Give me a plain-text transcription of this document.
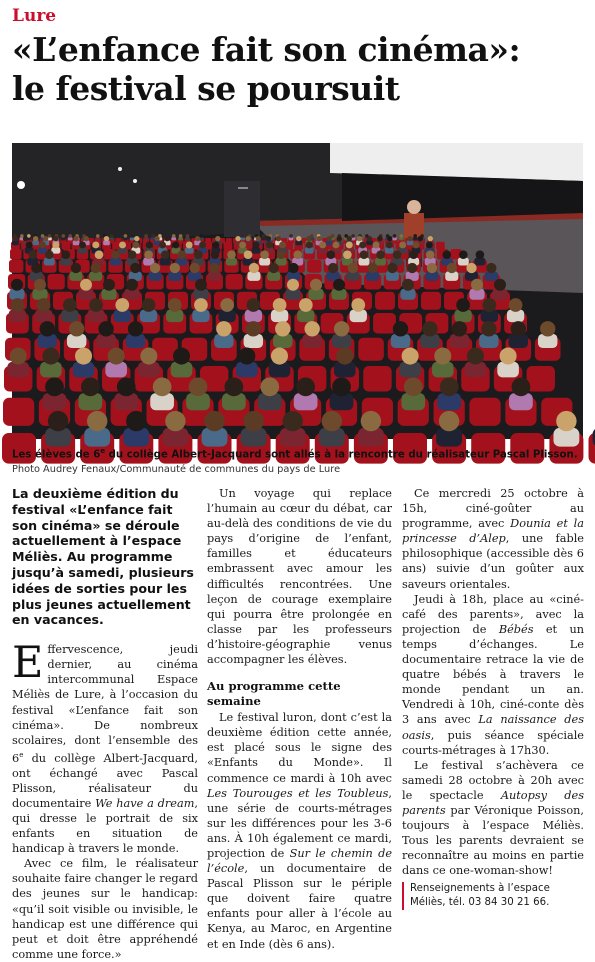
Lure
«L’enfance fait son cinéma»:
le festival se poursuit
Les élèves de 6e du collège Albert-Jacquard sont allés à la rencontre du réalisateur Pascal Plisson. Photo Audrey Fenaux/Communauté de communes du pays de Lure

La deuxième édition du festival «L’enfance fait son cinéma» se déroule actuellement à l’espace Méliès. Au programme jusqu’à samedi, plusieurs idées de sorties pour les plus jeunes actuellement en vacances.

Effervescence, jeudi dernier, au cinéma intercommunal Espace Méliès de Lure, à l’occasion du festival «L’enfance fait son cinéma». De nombreux scolaires, dont l’ensemble des 6e du collège Albert-Jacquard, ont échangé avec Pascal Plisson, réalisateur du documentaire We have a dream, qui dresse le portrait de six enfants en situation de handicap à travers le monde.

Avec ce film, le réalisateur souhaite faire changer le regard des jeunes sur le handicap: «qu’il soit visible ou invisible, le handicap est une différence qui peut et doit être appréhendé comme une force.»

Un voyage qui replace l’humain au cœur du débat, car au-delà des conditions de vie du pays d’origine de l’enfant, familles et éducateurs embrassent avec amour les difficultés rencontrées. Une leçon de courage exemplaire qui pourra être prolongée en classe par les professeurs d’histoire-géographie venus accompagner les élèves.

Au programme cette semaine

Le festival luron, dont c’est la deuxième édition cette année, est placé sous le signe des «Enfants du Monde». Il commence ce mardi à 10h avec Les Tourouges et les Toubleus, une série de courts-métrages sur les différences pour les 3-6 ans. À 10h également ce mardi, projection de Sur le chemin de l’école, un documentaire de Pascal Plisson sur le périple que doivent faire quatre enfants pour aller à l’école au Kenya, au Maroc, en Argentine et en Inde (dès 6 ans).

Ce mercredi 25 octobre à 15h, ciné-goûter au programme, avec Dounia et la princesse d’Alep, une fable philosophique (accessible dès 6 ans) suivie d’un goûter aux saveurs orientales.

Jeudi à 18h, place au «ciné-café des parents», avec la projection de Bébés et un temps d’échanges. Le documentaire retrace la vie de quatre bébés à travers le monde pendant un an. Vendredi à 10h, ciné-conte dès 3 ans avec La naissance des oasis, puis séance spéciale courts-métrages à 17h30.

Le festival s’achèvera ce samedi 28 octobre à 20h avec le spectacle Autopsy des parents par Véronique Poisson, toujours à l’espace Méliès. Tous les parents devraient se reconnaître au moins en partie dans ce one-woman-show!

Renseignements à l’espace Méliès, tél. 03 84 30 21 66.
